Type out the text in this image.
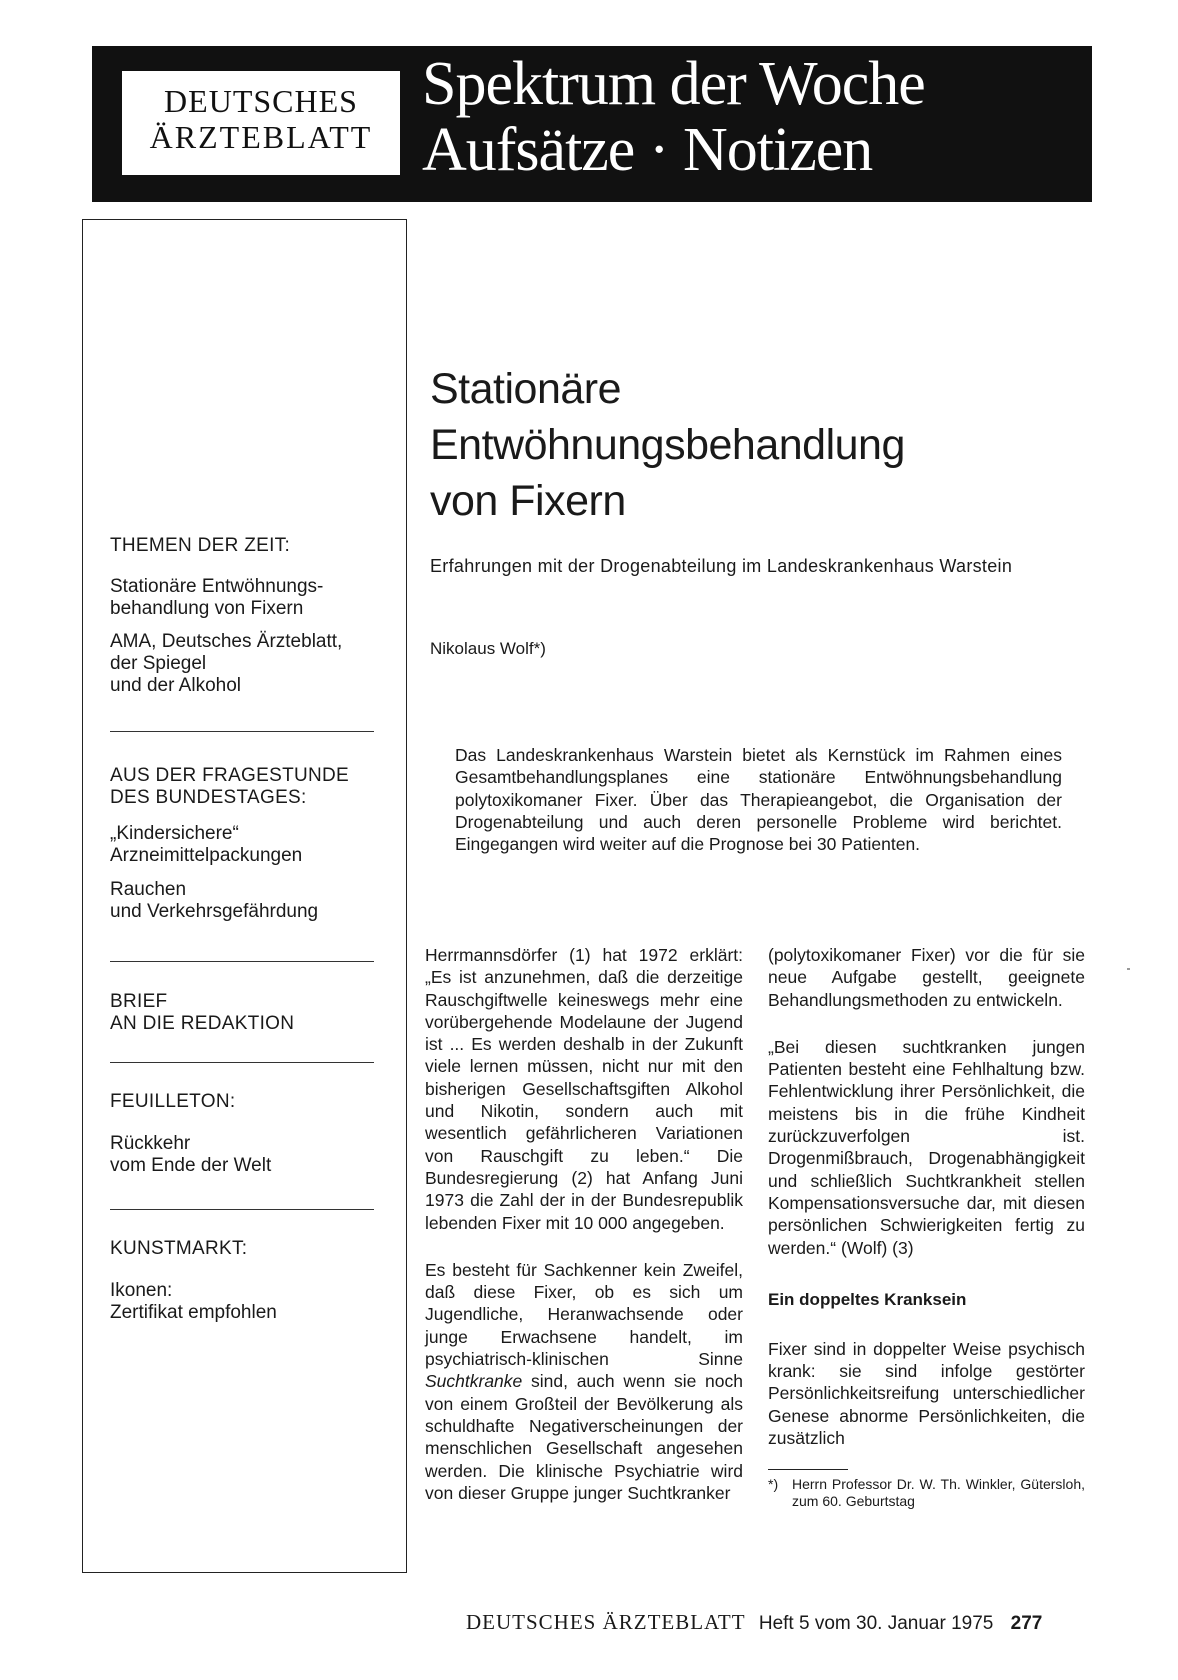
DEUTSCHES
ÄRZTEBLATT
Spektrum der Woche
Aufsätze · Notizen
THEMEN DER ZEIT:
Stationäre Entwöhnungs-
behandlung von Fixern
AMA, Deutsches Ärzteblatt,
der Spiegel
und der Alkohol
AUS DER FRAGESTUNDE
DES BUNDESTAGES:
„Kindersichere“
Arzneimittelpackungen
Rauchen
und Verkehrsgefährdung
BRIEF
AN DIE REDAKTION
FEUILLETON:
Rückkehr
vom Ende der Welt
KUNSTMARKT:
Ikonen:
Zertifikat empfohlen
Stationäre
Entwöhnungsbehandlung
von Fixern
Erfahrungen mit der Drogenabteilung im Landeskrankenhaus Warstein
Nikolaus Wolf*)
Das Landeskrankenhaus Warstein bietet als Kernstück im Rahmen eines Gesamtbehandlungsplanes eine stationäre Entwöhnungsbehandlung polytoxikomaner Fixer. Über das Therapieangebot, die Organisation der Drogenabteilung und auch deren personelle Probleme wird berichtet. Eingegangen wird weiter auf die Prognose bei 30 Patienten.

Herrmannsdörfer (1) hat 1972 erklärt: „Es ist anzunehmen, daß die derzeitige Rauschgiftwelle keineswegs mehr eine vorübergehende Modelaune der Jugend ist ... Es werden deshalb in der Zukunft viele lernen müssen, nicht nur mit den bisherigen Gesellschaftsgiften Alkohol und Nikotin, sondern auch mit wesentlich gefährlicheren Variationen von Rauschgift zu leben.“ Die Bundesregierung (2) hat Anfang Juni 1973 die Zahl der in der Bundesrepublik lebenden Fixer mit 10 000 angegeben.

Es besteht für Sachkenner kein Zweifel, daß diese Fixer, ob es sich um Jugendliche, Heranwachsende oder junge Erwachsene handelt, im psychiatrisch-klinischen Sinne Suchtkranke sind, auch wenn sie noch von einem Großteil der Bevölkerung als schuldhafte Negativerscheinungen der menschlichen Gesellschaft angesehen werden. Die klinische Psychiatrie wird von dieser Gruppe junger Suchtkranker

(polytoxikomaner Fixer) vor die für sie neue Aufgabe gestellt, geeignete Behandlungsmethoden zu entwickeln.

„Bei diesen suchtkranken jungen Patienten besteht eine Fehlhaltung bzw. Fehlentwicklung ihrer Persönlichkeit, die meistens bis in die frühe Kindheit zurückzuverfolgen ist. Drogenmißbrauch, Drogenabhängigkeit und schließlich Suchtkrankheit stellen Kompensationsversuche dar, mit diesen persönlichen Schwierigkeiten fertig zu werden.“ (Wolf) (3)

Ein doppeltes Kranksein

Fixer sind in doppelter Weise psychisch krank: sie sind infolge gestörter Persönlichkeitsreifung unterschiedlicher Genese abnorme Persönlichkeiten, die zusätzlich

*) Herrn Professor Dr. W. Th. Winkler, Gütersloh, zum 60. Geburtstag
DEUTSCHES ÄRZTEBLATT Heft 5 vom 30. Januar 1975 277
